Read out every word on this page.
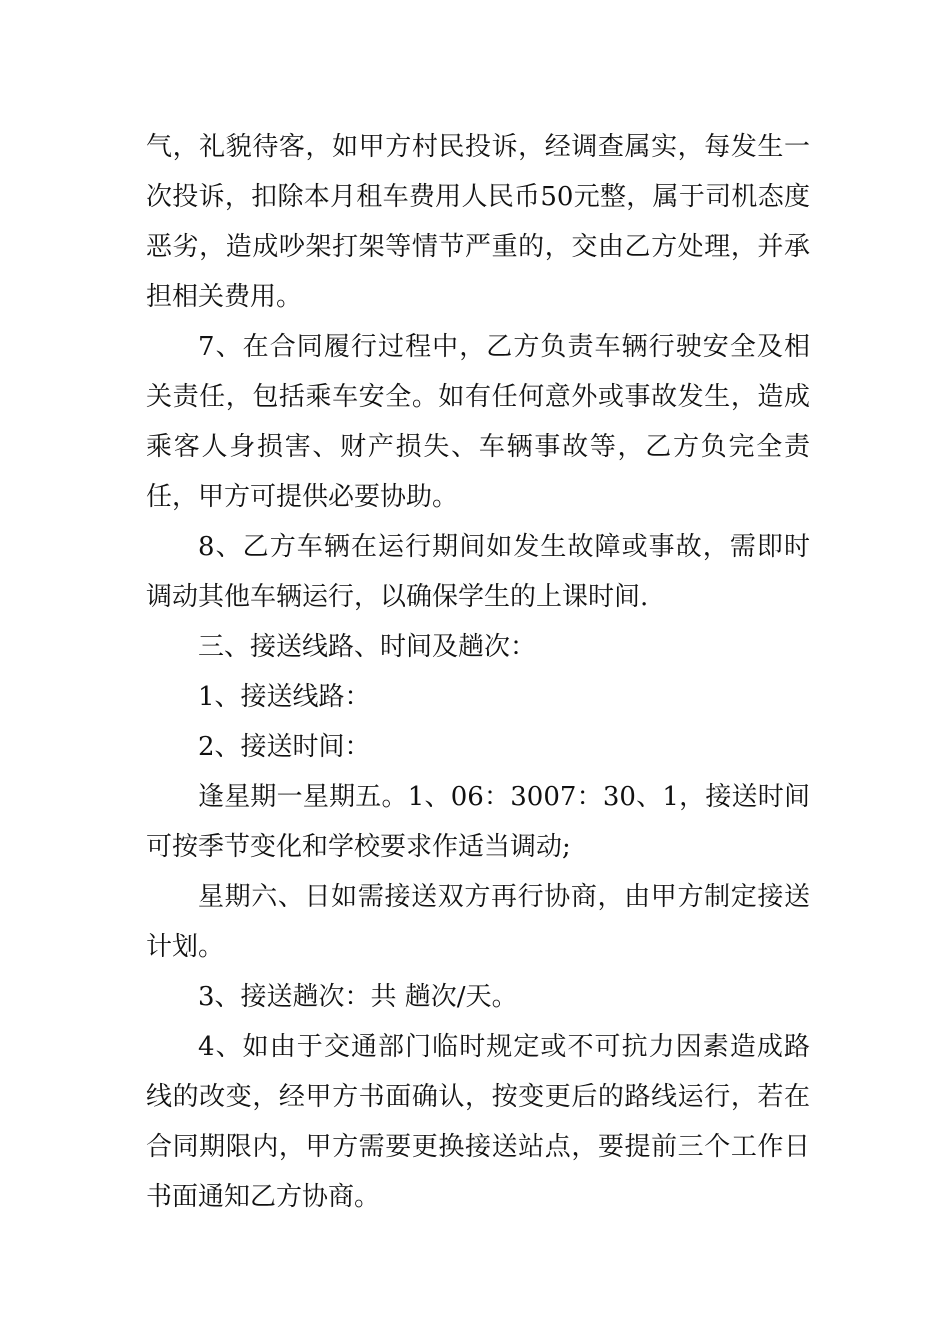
气，礼貌待客，如甲方村民投诉，经调查属实，每发生一次投诉，扣除本月租车费用人民币50元整，属于司机态度恶劣，造成吵架打架等情节严重的，交由乙方处理，并承担相关费用。

7、在合同履行过程中，乙方负责车辆行驶安全及相关责任，包括乘车安全。如有任何意外或事故发生，造成乘客人身损害、财产损失、车辆事故等，乙方负完全责任，甲方可提供必要协助。

8、乙方车辆在运行期间如发生故障或事故，需即时调动其他车辆运行，以确保学生的上课时间.

三、接送线路、时间及趟次：

1、接送线路：

2、接送时间：

逢星期一星期五。1、06：3007：30、1，接送时间可按季节变化和学校要求作适当调动;

星期六、日如需接送双方再行协商，由甲方制定接送计划。

3、接送趟次：共 趟次/天。

4、如由于交通部门临时规定或不可抗力因素造成路线的改变，经甲方书面确认，按变更后的路线运行，若在合同期限内，甲方需要更换接送站点，要提前三个工作日书面通知乙方协商。
